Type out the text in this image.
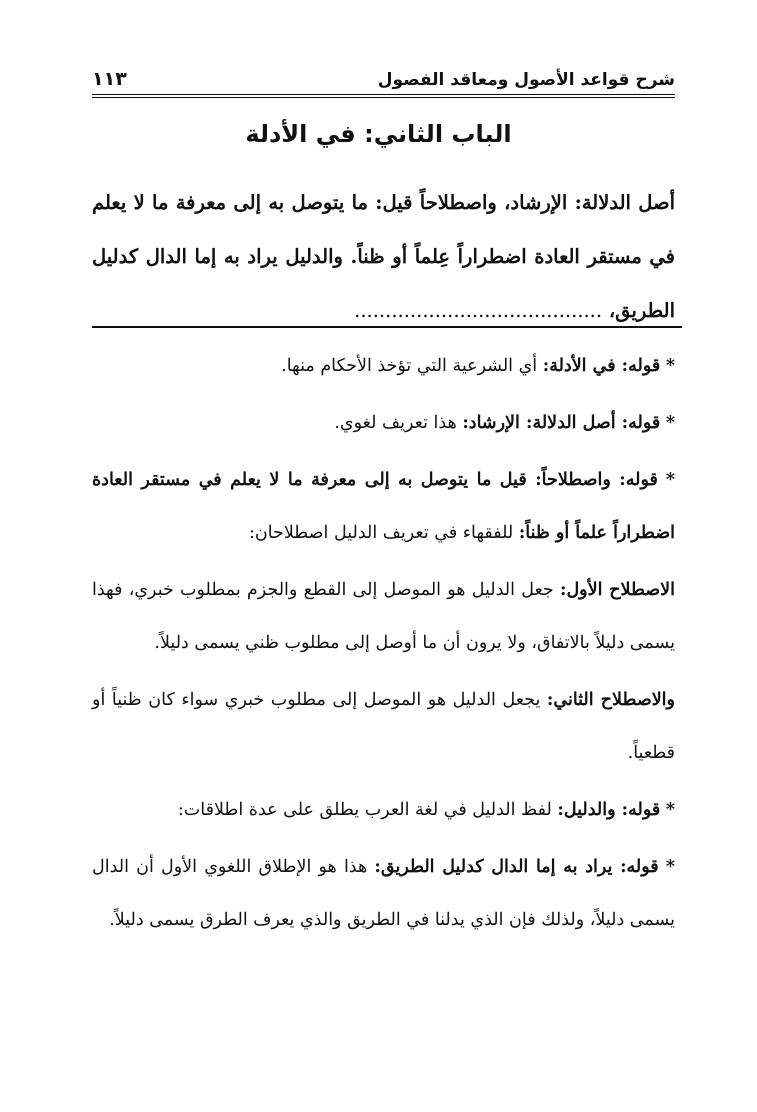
شرح قواعد الأصول ومعاقد الفصول
١١٣
الباب الثاني: في الأدلة

أصل الدلالة: الإرشاد، واصطلاحاً قيل: ما يتوصل به إلى معرفة ما لا يعلم في مستقر العادة اضطراراً عِلماً أو ظناً. والدليل يراد به إما الدال كدليل الطريق، ........................................

* قوله: في الأدلة: أي الشرعية التي تؤخذ الأحكام منها.

* قوله: أصل الدلالة: الإرشاد: هذا تعريف لغوي.

* قوله: واصطلاحاً: قيل ما يتوصل به إلى معرفة ما لا يعلم في مستقر العادة اضطراراً علماً أو ظناً: للفقهاء في تعريف الدليل اصطلاحان:

الاصطلاح الأول: جعل الدليل هو الموصل إلى القطع والجزم بمطلوب خبري، فهذا يسمى دليلاً بالاتفاق، ولا يرون أن ما أوصل إلى مطلوب ظني يسمى دليلاً.

والاصطلاح الثاني: يجعل الدليل هو الموصل إلى مطلوب خبري سواء كان ظنياً أو قطعياً.

* قوله: والدليل: لفظ الدليل في لغة العرب يطلق على عدة اطلاقات:

* قوله: يراد به إما الدال كدليل الطريق: هذا هو الإطلاق اللغوي الأول أن الدال يسمى دليلاً، ولذلك فإن الذي يدلنا في الطريق والذي يعرف الطرق يسمى دليلاً.
